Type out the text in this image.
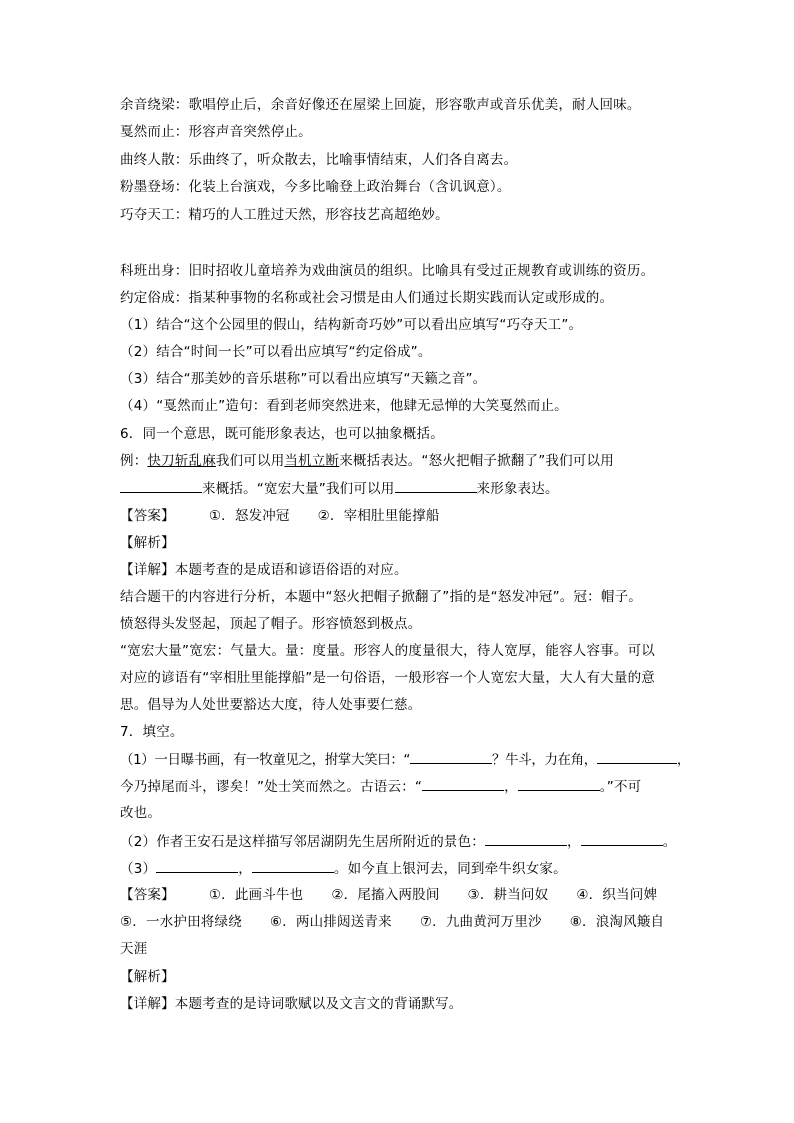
余音绕梁：歌唱停止后，余音好像还在屋梁上回旋，形容歌声或音乐优美，耐人回味。
戛然而止：形容声音突然停止。
曲终人散：乐曲终了，听众散去，比喻事情结束，人们各自离去。
粉墨登场：化装上台演戏，今多比喻登上政治舞台（含讥讽意）。
巧夺天工：精巧的人工胜过天然，形容技艺高超绝妙。
科班出身：旧时招收儿童培养为戏曲演员的组织。比喻具有受过正规教育或训练的资历。
约定俗成：指某种事物的名称或社会习惯是由人们通过长期实践而认定或形成的。
（1）结合“这个公园里的假山，结构新奇巧妙”可以看出应填写“巧夺天工”。
（2）结合“时间一长”可以看出应填写“约定俗成”。
（3）结合“那美妙的音乐堪称”可以看出应填写“天籁之音”。
（4）“戛然而止”造句：看到老师突然进来，他肆无忌惮的大笑戛然而止。
6．同一个意思，既可能形象表达，也可以抽象概括。
例：快刀斩乱麻我们可以用当机立断来概括表达。“怒火把帽子掀翻了”我们可以用
来概括。“宽宏大量”我们可以用	来形象表达。
【答案】	①．怒发冲冠 ②．宰相肚里能撑船
【解析】
【详解】本题考查的是成语和谚语俗语的对应。
结合题干的内容进行分析，本题中“怒火把帽子掀翻了”指的是“怒发冲冠”。冠：帽子。
愤怒得头发竖起，顶起了帽子。形容愤怒到极点。
“宽宏大量”宽宏：气量大。量：度量。形容人的度量很大，待人宽厚，能容人容事。可以
对应的谚语有“宰相肚里能撑船”是一句俗语，一般形容一个人宽宏大量，大人有大量的意
思。倡导为人处世要豁达大度，待人处事要仁慈。
7．填空。
（1）一日曝书画，有一牧童见之，拊掌大笑曰：“	？牛斗，力在角，	，
今乃掉尾而斗，谬矣！”处士笑而然之。古语云：“	，	。”不可
改也。
（2）作者王安石是这样描写邻居湖阴先生居所附近的景色：	，	。
（3）	，	。如今直上银河去，同到牵牛织女家。
【答案】	①．此画斗牛也 ②．尾搐入两股间 ③．耕当问奴 ④．织当问婢
⑤．一水护田将绿绕 ⑥．两山排闼送青来 ⑦．九曲黄河万里沙 ⑧．浪淘风簸自
天涯
【解析】
【详解】本题考查的是诗词歌赋以及文言文的背诵默写。
